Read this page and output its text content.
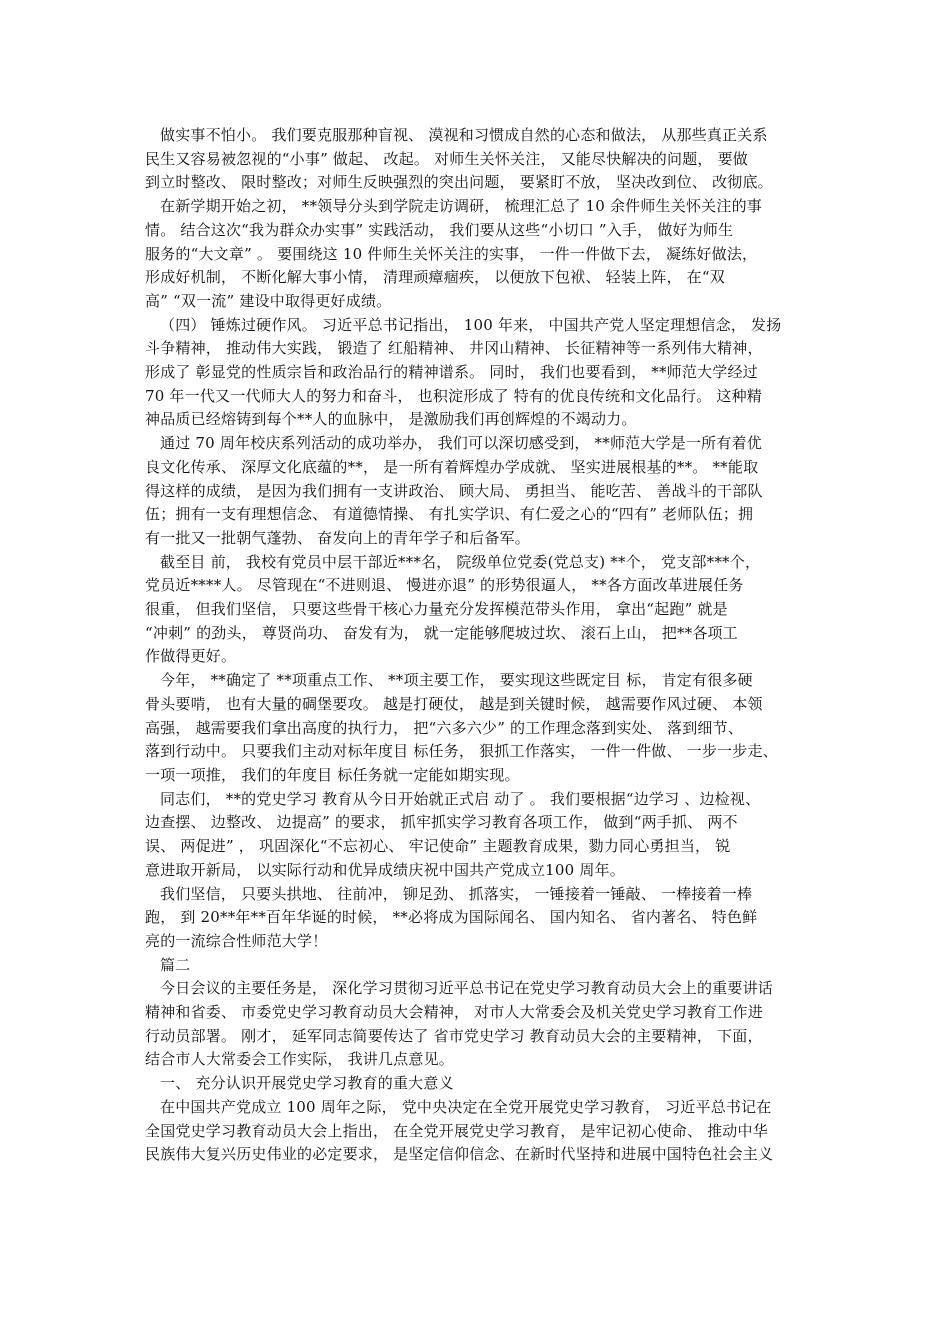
做实事不怕小。 我们要克服那种盲视、 漠视和习惯成自然的心态和做法， 从那些真正关系
民生又容易被忽视的“小事” 做起、 改起。 对师生关怀关注， 又能尽快解决的问题， 要做
到立时整改、 限时整改；对师生反映强烈的突出问题， 要紧盯不放， 坚决改到位、 改彻底。

在新学期开始之初， **领导分头到学院走访调研， 梳理汇总了 10 余件师生关怀关注的事
情。 结合这次“我为群众办实事” 实践活动， 我们要从这些“小切口 ”入手， 做好为师生
服务的“大文章” 。 要围绕这 10 件师生关怀关注的实事， 一件一件做下去， 凝练好做法，
形成好机制， 不断化解大事小情， 清理顽瘴痼疾， 以便放下包袱、 轻装上阵， 在“双
高” “双一流” 建设中取得更好成绩。

（四） 锤炼过硬作风。 习近平总书记指出， 100 年来， 中国共产党人坚定理想信念， 发扬
斗争精神， 推动伟大实践， 锻造了 红船精神、 井冈山精神、 长征精神等一系列伟大精神，
形成了 彰显党的性质宗旨和政治品行的精神谱系。 同时， 我们也要看到， **师范大学经过
70 年一代又一代师大人的努力和奋斗， 也积淀形成了 特有的优良传统和文化品行。 这种精
神品质已经熔铸到每个**人的血脉中， 是激励我们再创辉煌的不竭动力。

通过 70 周年校庆系列活动的成功举办， 我们可以深切感受到， **师范大学是一所有着优
良文化传承、 深厚文化底蕴的**， 是一所有着辉煌办学成就、 坚实进展根基的**。 **能取
得这样的成绩， 是因为我们拥有一支讲政治、 顾大局、 勇担当、 能吃苦、 善战斗的干部队
伍；拥有一支有理想信念、 有道德情操、 有扎实学识、有仁爱之心的“四有” 老师队伍；拥
有一批又一批朝气蓬勃、 奋发向上的青年学子和后备军。

截至目 前， 我校有党员中层干部近***名， 院级单位党委(党总支) **个， 党支部***个，
党员近****人。 尽管现在“不进则退、 慢进亦退” 的形势很逼人， **各方面改革进展任务
很重， 但我们坚信， 只要这些骨干核心力量充分发挥模范带头作用， 拿出“起跑” 就是
“冲刺” 的劲头， 尊贤尚功、 奋发有为， 就一定能够爬坡过坎、 滚石上山， 把**各项工
作做得更好。

今年， **确定了 **项重点工作、 **项主要工作， 要实现这些既定目 标， 肯定有很多硬
骨头要啃， 也有大量的碉堡要攻。 越是打硬仗， 越是到关键时候， 越需要作风过硬、 本领
高强， 越需要我们拿出高度的执行力， 把“六多六少” 的工作理念落到实处、 落到细节、
落到行动中。 只要我们主动对标年度目 标任务， 狠抓工作落实， 一件一件做、 一步一步走、
一项一项推， 我们的年度目 标任务就一定能如期实现。

同志们， **的党史学习 教育从今日开始就正式启 动了 。 我们要根据“边学习 、边检视、
边查摆、 边整改、 边提高” 的要求， 抓牢抓实学习教育各项工作， 做到“两手抓、 两不
误、 两促进” ， 巩固深化“不忘初心、 牢记使命” 主题教育成果，勠力同心勇担当， 锐
意进取开新局， 以实际行动和优异成绩庆祝中国共产党成立100 周年。

我们坚信， 只要头拱地、 往前冲， 铆足劲、 抓落实， 一锤接着一锤敲、 一棒接着一棒
跑， 到 20**年**百年华诞的时候， **必将成为国际闻名、 国内知名、 省内著名、 特色鲜
亮的一流综合性师范大学！

篇二

今日会议的主要任务是， 深化学习贯彻习近平总书记在党史学习教育动员大会上的重要讲话
精神和省委、 市委党史学习教育动员大会精神， 对市人大常委会及机关党史学习教育工作进
行动员部署。 刚才， 延军同志简要传达了 省市党史学习 教育动员大会的主要精神， 下面，
结合市人大常委会工作实际， 我讲几点意见。

一、 充分认识开展党史学习教育的重大意义

在中国共产党成立 100 周年之际， 党中央决定在全党开展党史学习教育， 习近平总书记在
全国党史学习教育动员大会上指出， 在全党开展党史学习教育， 是牢记初心使命、 推动中华
民族伟大复兴历史伟业的必定要求， 是坚定信仰信念、在新时代坚持和进展中国特色社会主义
